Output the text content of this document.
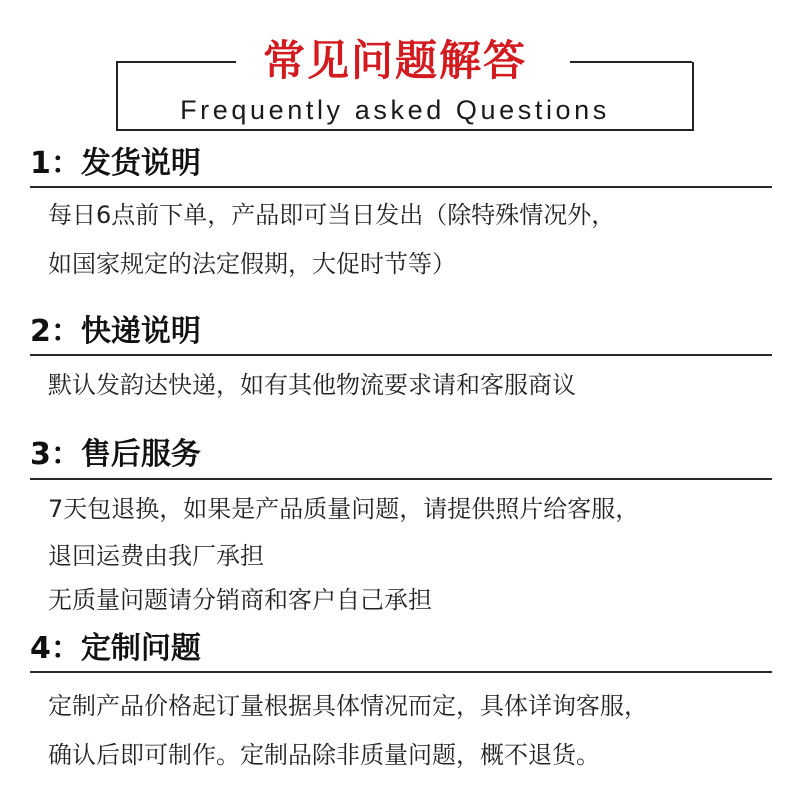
常见问题解答
Frequently asked Questions
1：发货说明
每日6点前下单，产品即可当日发出（除特殊情况外，
如国家规定的法定假期，大促时节等）
2：快递说明
默认发韵达快递，如有其他物流要求请和客服商议
3：售后服务
7天包退换，如果是产品质量问题，请提供照片给客服，
退回运费由我厂承担
无质量问题请分销商和客户自己承担
4：定制问题
定制产品价格起订量根据具体情况而定，具体详询客服，
确认后即可制作。定制品除非质量问题，概不退货。
